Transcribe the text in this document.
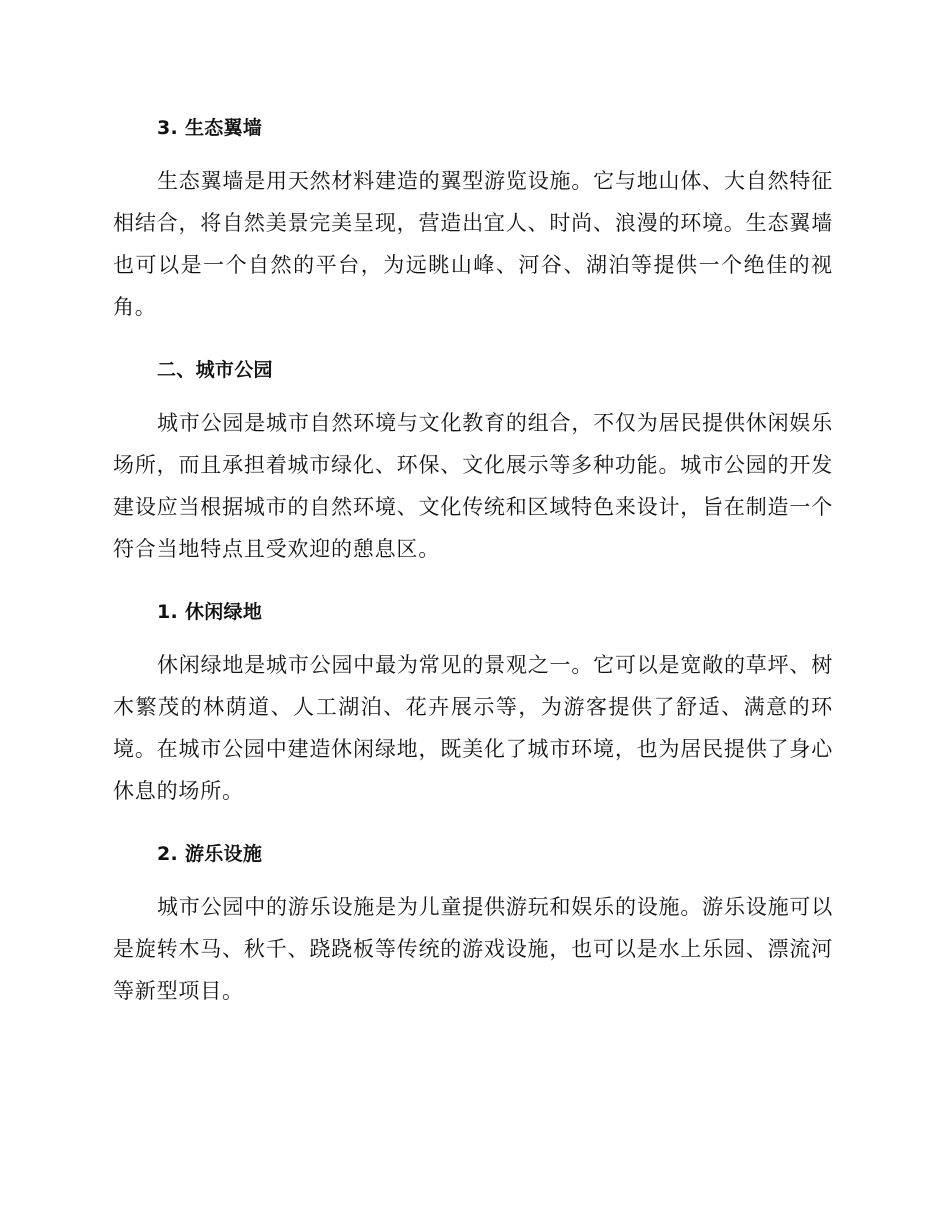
3. 生态翼墙

生态翼墙是用天然材料建造的翼型游览设施。它与地山体、大自然特征相结合，将自然美景完美呈现，营造出宜人、时尚、浪漫的环境。生态翼墙也可以是一个自然的平台，为远眺山峰、河谷、湖泊等提供一个绝佳的视角。

二、城市公园

城市公园是城市自然环境与文化教育的组合，不仅为居民提供休闲娱乐场所，而且承担着城市绿化、环保、文化展示等多种功能。城市公园的开发建设应当根据城市的自然环境、文化传统和区域特色来设计，旨在制造一个符合当地特点且受欢迎的憩息区。

1. 休闲绿地

休闲绿地是城市公园中最为常见的景观之一。它可以是宽敞的草坪、树木繁茂的林荫道、人工湖泊、花卉展示等，为游客提供了舒适、满意的环境。在城市公园中建造休闲绿地，既美化了城市环境，也为居民提供了身心休息的场所。

2. 游乐设施

城市公园中的游乐设施是为儿童提供游玩和娱乐的设施。游乐设施可以是旋转木马、秋千、跷跷板等传统的游戏设施，也可以是水上乐园、漂流河等新型项目。
